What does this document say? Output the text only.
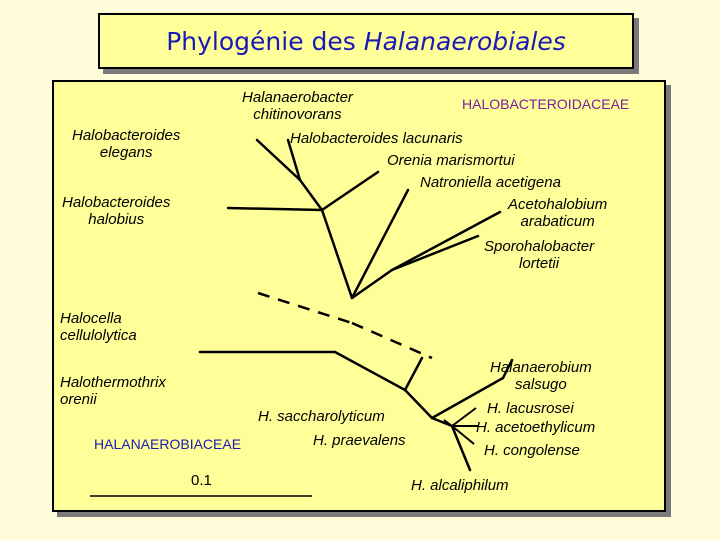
Phylogénie des Halanaerobiales
HALOBACTEROIDACEAE
HALANAEROBIACEAE
Halanaerobacter
chitinovorans
Halobacteroides
elegans
Halobacteroides lacunaris
Orenia marismortui
Natroniella acetigena
Acetohalobium
arabaticum
Halobacteroides
halobius
Sporohalobacter
lortetii
Halocella
cellulolytica
Halothermothrix
orenii
H. saccharolyticum
H. praevalens
Halanaerobium
salsugo
H. lacusrosei
H. acetoethylicum
H. congolense
H. alcaliphilum
0.1
